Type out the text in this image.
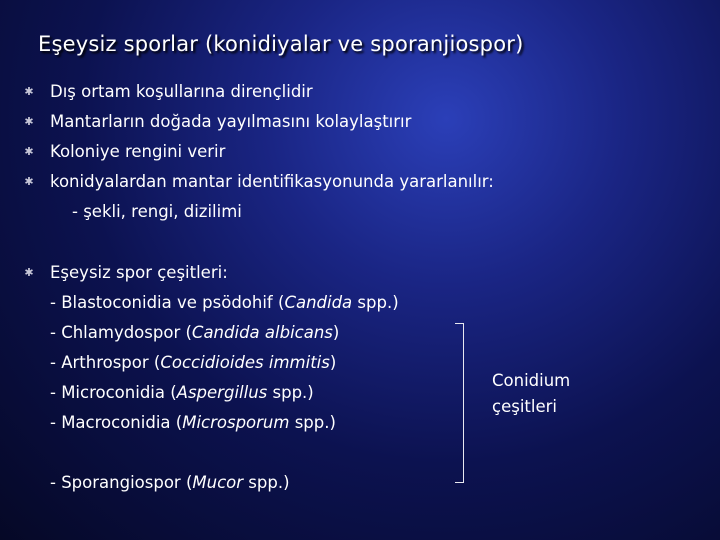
Eşeysiz sporlar (konidiyalar ve sporanjiospor)
✱ Dış ortam koşullarına dirençlidir
✱ Mantarların doğada yayılmasını kolaylaştırır
✱ Koloniye rengini verir
✱ konidyalardan mantar identifikasyonunda yararlanılır:
- şekli, rengi, dizilimi
✱ Eşeysiz spor çeşitleri:
- Blastoconidia ve psödohif (Candida spp.)
- Chlamydospor (Candida albicans)
- Arthrospor (Coccidioides immitis)
- Microconidia (Aspergillus spp.)
- Macroconidia (Microsporum spp.)
- Sporangiospor (Mucor spp.)
Conidium
çeşitleri
